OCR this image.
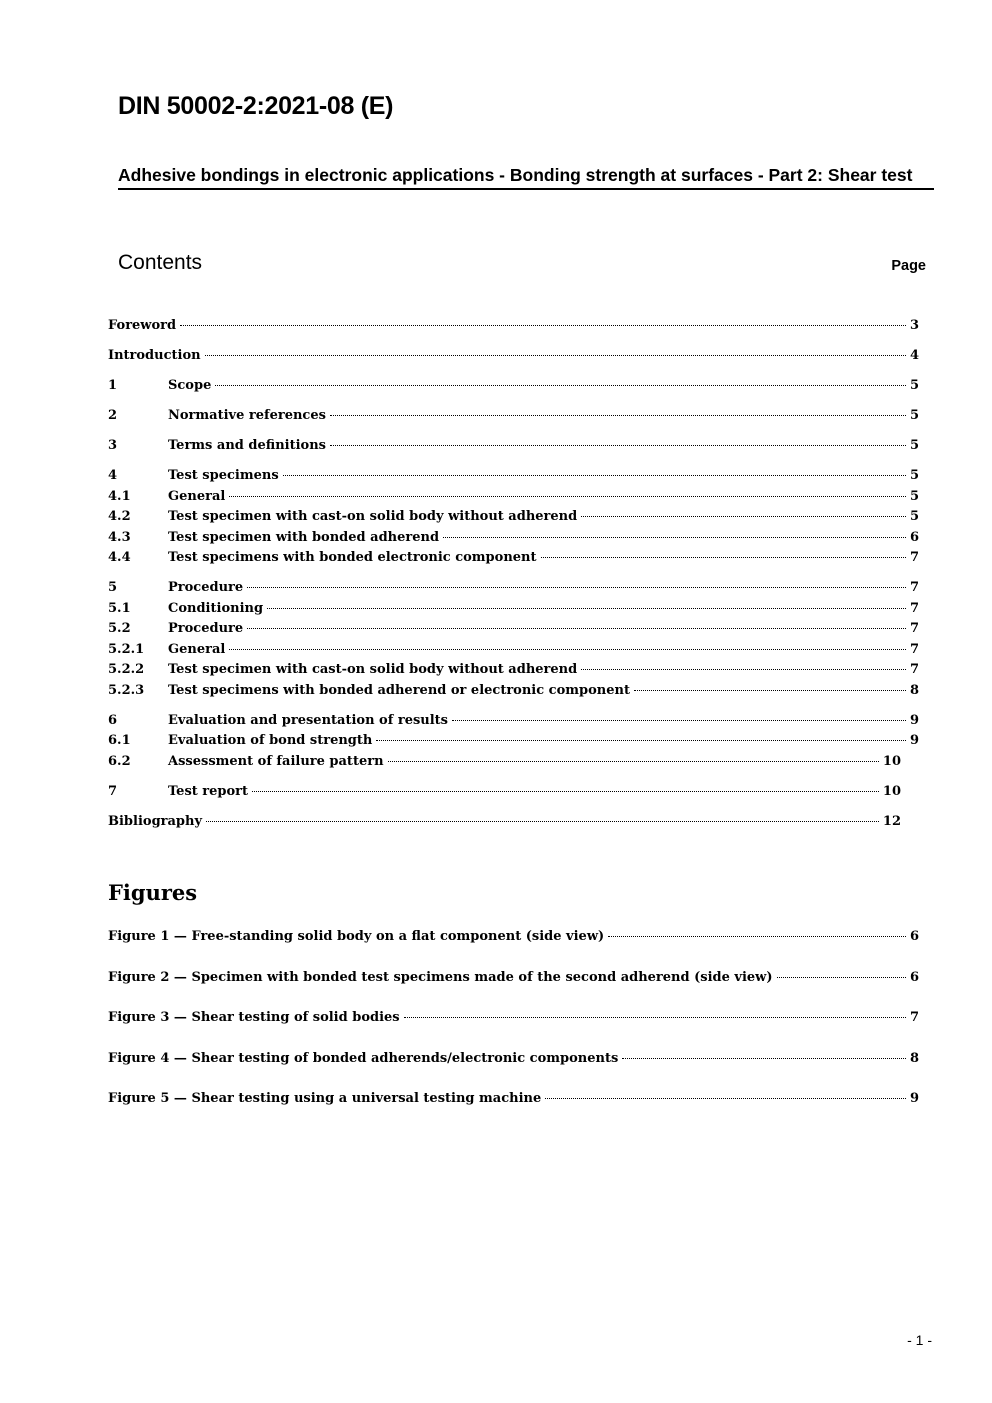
DIN 50002-2:2021-08 (E)
Adhesive bondings in electronic applications - Bonding strength at surfaces - Part 2: Shear test
Contents	Page
Foreword	3
Introduction	4
1	Scope	5
2	Normative references	5
3	Terms and definitions	5
4	Test specimens	5
4.1	General	5
4.2	Test specimen with cast-on solid body without adherend	5
4.3	Test specimen with bonded adherend	6
4.4	Test specimens with bonded electronic component	7
5	Procedure	7
5.1	Conditioning	7
5.2	Procedure	7
5.2.1	General	7
5.2.2	Test specimen with cast-on solid body without adherend	7
5.2.3	Test specimens with bonded adherend or electronic component	8
6	Evaluation and presentation of results	9
6.1	Evaluation of bond strength	9
6.2	Assessment of failure pattern	10
7	Test report	10
Bibliography	12
Figures
Figure 1 — Free-standing solid body on a flat component (side view)	6
Figure 2 — Specimen with bonded test specimens made of the second adherend (side view)	6
Figure 3 — Shear testing of solid bodies	7
Figure 4 — Shear testing of bonded adherends/electronic components	8
Figure 5 — Shear testing using a universal testing machine	9
- 1 -
